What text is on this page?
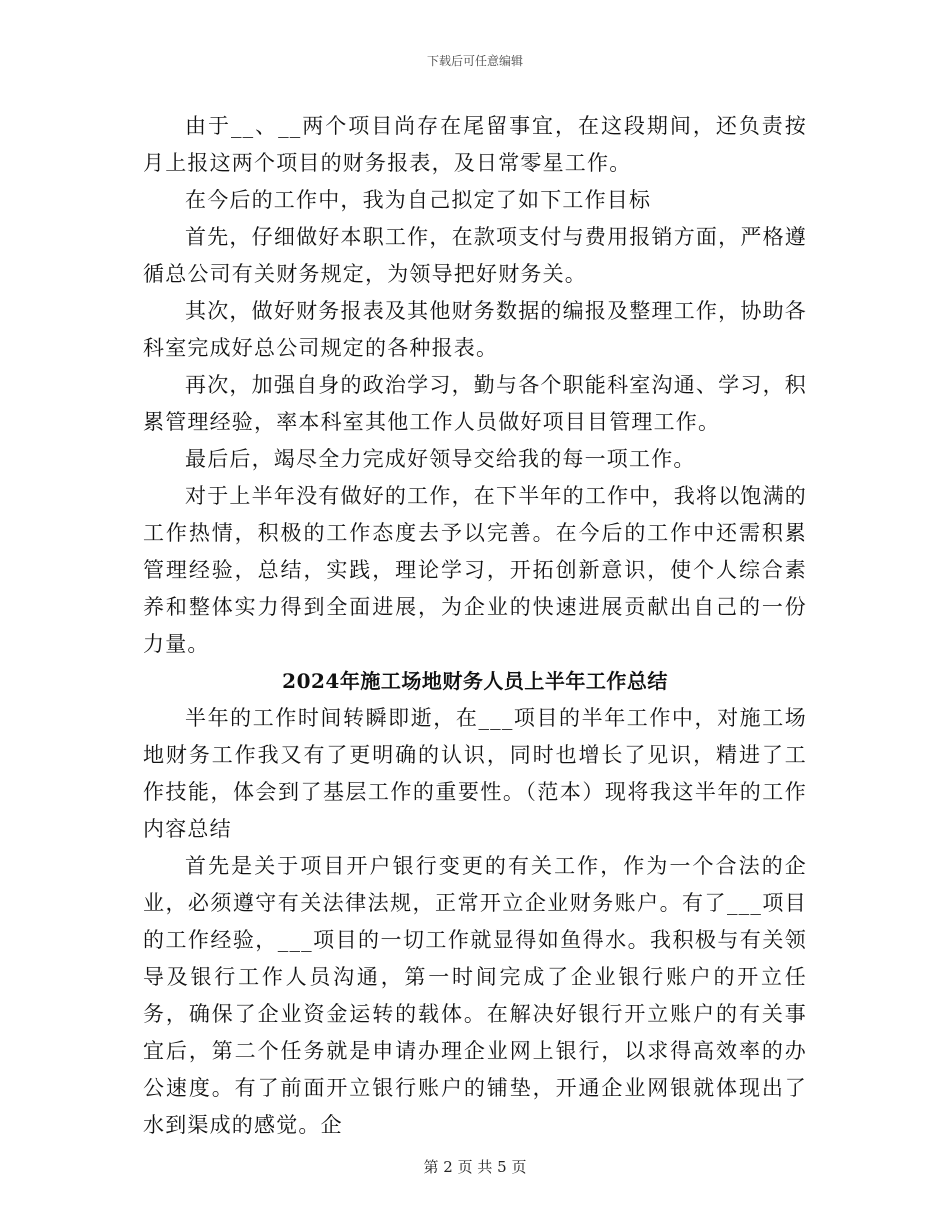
下载后可任意编辑

由于__、__两个项目尚存在尾留事宜，在这段期间，还负责按月上报这两个项目的财务报表，及日常零星工作。

在今后的工作中，我为自己拟定了如下工作目标

首先，仔细做好本职工作，在款项支付与费用报销方面，严格遵循总公司有关财务规定，为领导把好财务关。

其次，做好财务报表及其他财务数据的编报及整理工作，协助各科室完成好总公司规定的各种报表。

再次，加强自身的政治学习，勤与各个职能科室沟通、学习，积累管理经验，率本科室其他工作人员做好项目目管理工作。

最后后，竭尽全力完成好领导交给我的每一项工作。

对于上半年没有做好的工作，在下半年的工作中，我将以饱满的工作热情，积极的工作态度去予以完善。在今后的工作中还需积累管理经验，总结，实践，理论学习，开拓创新意识，使个人综合素养和整体实力得到全面进展，为企业的快速进展贡献出自己的一份力量。

2024年施工场地财务人员上半年工作总结

半年的工作时间转瞬即逝，在___项目的半年工作中，对施工场地财务工作我又有了更明确的认识，同时也增长了见识，精进了工作技能，体会到了基层工作的重要性。（范本）现将我这半年的工作内容总结

首先是关于项目开户银行变更的有关工作，作为一个合法的企业，必须遵守有关法律法规，正常开立企业财务账户。有了___项目的工作经验，___项目的一切工作就显得如鱼得水。我积极与有关领导及银行工作人员沟通，第一时间完成了企业银行账户的开立任务，确保了企业资金运转的载体。在解决好银行开立账户的有关事宜后，第二个任务就是申请办理企业网上银行，以求得高效率的办公速度。有了前面开立银行账户的铺垫，开通企业网银就体现出了水到渠成的感觉。企

第 2 页 共 5 页
